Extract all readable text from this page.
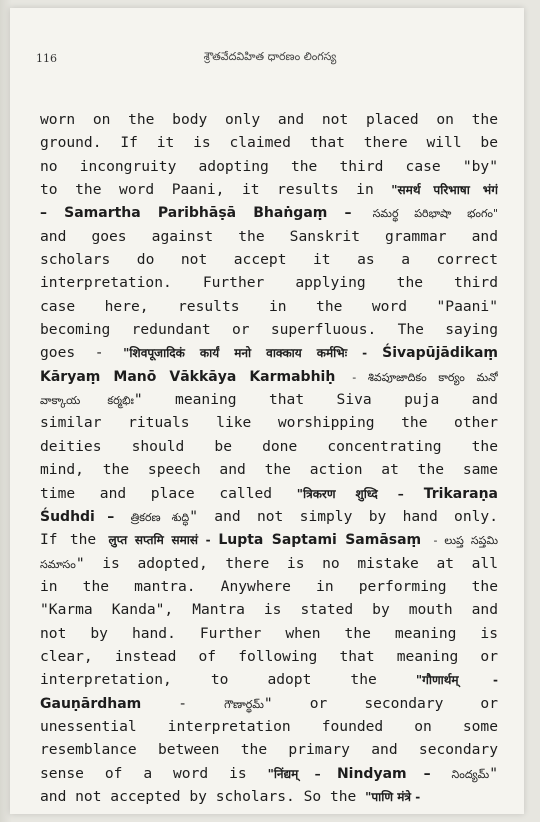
116	శ్రౌతవేదవిహిత ధారణం లింగస్య
worn on the body only and not placed on the
ground. If it is claimed that there will be
no incongruity adopting the third case "by"
to the word Paani, it results in "समर्थ परिभाषा भंगं
– Samartha Paribhāṣā Bhaṅgaṃ – సమర్థ పరిభాషా భంగం"
and goes against the Sanskrit grammar and
scholars do not accept it as a correct
interpretation. Further applying the third
case here, results in the word "Paani"
becoming redundant or superfluous. The saying
goes - "शिवपूजादिकं कार्यं मनो वाक्काय कर्मभिः - Śivapūjādikaṃ
Kāryaṃ Manō Vākkāya Karmabhiḥ - శివపూజాదికం కార్యం మనో
వాక్కాయ కర్మభిః" meaning that Siva puja and
similar rituals like worshipping the other
deities should be done concentrating the
mind, the speech and the action at the same
time and place called "त्रिकरण शुध्दि – Trikaraṇa
Śudhdi – త్రికరణ శుద్ధి" and not simply by hand only.
If the लुप्त सप्तमि समासं - Lupta Saptami Samāsaṃ - లుప్త సప్తమి
సమాసం" is adopted, there is no mistake at all
in the mantra. Anywhere in performing the
"Karma Kanda", Mantra is stated by mouth and
not by hand. Further when the meaning is
clear, instead of following that meaning or
interpretation, to adopt the "गौणार्थम् -
Gauṇārdham - గౌణార్థమ్" or secondary or
unessential interpretation founded on some
resemblance between the primary and secondary
sense of a word is "निंद्यम् – Nindyam – నింద్యమ్"
and not accepted by scholars. So the "पाणि मंत्रे -
